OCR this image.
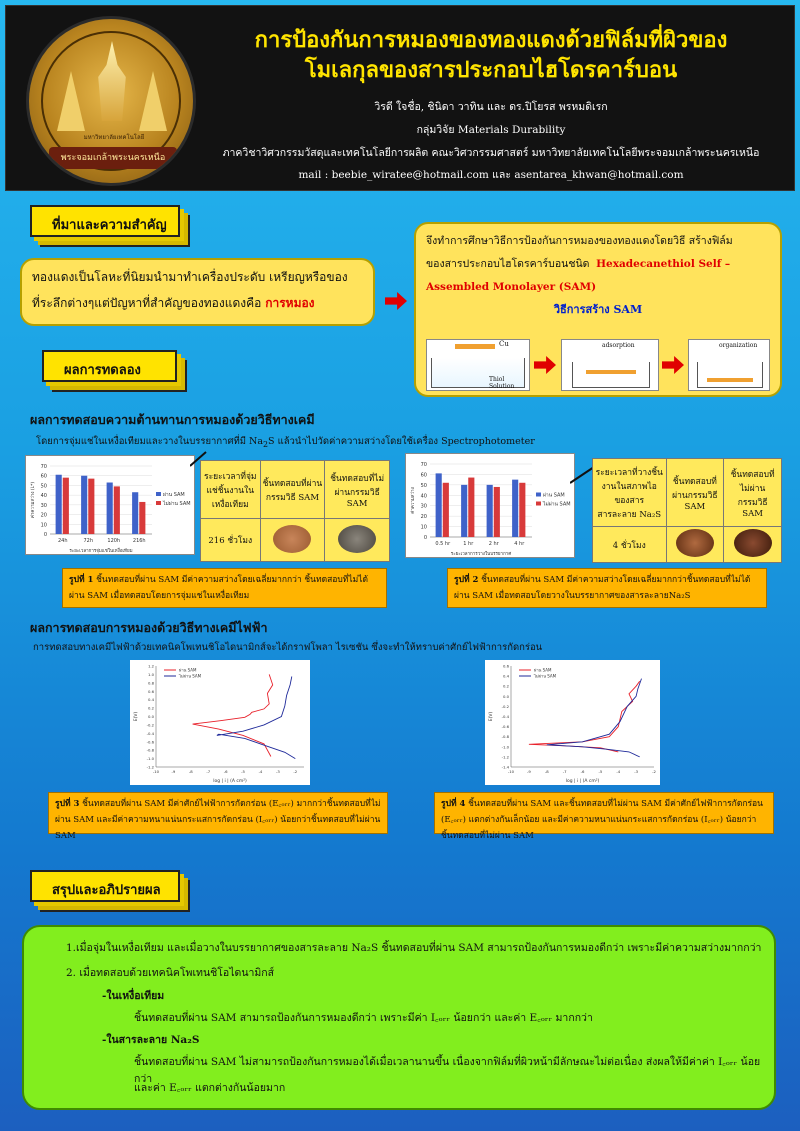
มหาวิทยาลัยเทคโนโลยี
พระจอมเกล้าพระนครเหนือ
การป้องกันการหมองของทองแดงด้วยฟิล์มที่ผิวของ
โมเลกุลของสารประกอบไฮโดรคาร์บอน
วิรดี ใจชื่อ, ชินิดา วาทิน และ ดร.ปิโยรส พรหมดิเรก
กลุ่มวิจัย Materials Durability
ภาควิชาวิศวกรรมวัสดุและเทคโนโลยีการผลิต คณะวิศวกรรมศาสตร์ มหาวิทยาลัยเทคโนโลยีพระจอมเกล้าพระนครเหนือ
mail : beebie_wiratee@hotmail.com และ asentarea_khwan@hotmail.com
ที่มาและความสำคัญ
ทองแดงเป็นโลหะที่นิยมนำมาทำเครื่องประดับ เหรียญหรือของ
ที่ระลึกต่างๆแต่ปัญหาที่สำคัญของทองแดงคือ การหมอง
จึงทำการศึกษาวิธีการป้องกันการหมองของทองแดงโดยวิธี สร้างฟิล์ม
ของสารประกอบไฮโดรคาร์บอนชนิด Hexadecanethiol Self –
Assembled Monolayer (SAM)
วิธีการสร้าง SAM
Cu
Thiol Solution
adsorption	organization
ผลการทดลอง
ผลการทดสอบความต้านทานการหมองด้วยวิธีทางเคมี
โดยการจุ่มแช่ในเหงื่อเทียมและวางในบรรยากาศที่มี $Na_2S$ แล้วนำไปวัดค่าความสว่างโดยใช้เครื่อง Spectrophotometer
0
10
20
30
40
50
60
70
24h	72h	120h	216h
ระยะเวลาการจุ่มแช่ในเหงื่อเทียม
ค่าความสว่าง (L*)	ผ่าน SAM
ไม่ผ่าน SAM
ระยะเวลาที่จุ่มแช่ชิ้นงานในเหงื่อเทียม	ชิ้นทดสอบที่ผ่านกรรมวิธี SAM	ชิ้นทดสอบที่ไม่ผ่านกรรมวิธี SAM
216 ชั่วโมง			0
10
20
30
40
50
60
70
0.5 hr	1 hr	2 hr	4 hr
ระยะเวลาการวางในบรรยากาศ
ค่าความสว่าง	ผ่าน SAM
ไม่ผ่าน SAM
ระยะเวลาที่วางชิ้นงานในสภาพไอของสารสารละลาย Na₂S	ชิ้นทดสอบที่ผ่านกรรมวิธี SAM	ชิ้นทดสอบที่ไม่ผ่านกรรมวิธี SAM
4 ชั่วโมง		
รูปที่ 1 ชิ้นทดสอบที่ผ่าน SAM มีค่าความสว่างโดยเฉลี่ยมากกว่า ชิ้นทดสอบที่ไม่ได้ผ่าน SAM เมื่อทดสอบโดยการจุ่มแช่ในเหงื่อเทียม
รูปที่ 2 ชิ้นทดสอบที่ผ่าน SAM มีค่าความสว่างโดยเฉลี่ยมากกว่าชิ้นทดสอบที่ไม่ได้ผ่าน SAM เมื่อทดสอบโดยวางในบรรยากาศของสารละลายNa₂S
ผลการทดสอบการหมองด้วยวิธีทางเคมีไฟฟ้า
การทดสอบทางเคมีไฟฟ้าด้วยเทคนิคโพเทนชิโอไดนามิกส์จะได้กราฟโพลา ไรเซชัน ซึ่งจะทำให้ทราบค่าศักย์ไฟฟ้าการกัดกร่อน
-10	-9	-8	-7	-6	-5	-4	-3	-2
1.2
1.0
0.8
0.6
0.4
0.2
0.0
-0.2
-0.4
-0.6
-0.8
-1.0
-1.2
log | i | (A cm²)
E(V)
ผ่าน SAM
ไม่ผ่าน SAM
-10	-9	-8	-7	-6	-5	-4	-3	-2
0.6
0.4
0.2
0.0
-0.2
-0.4
-0.6
-0.8
-1.0
-1.2
-1.4
log | i | (A cm²)
E(V)
ผ่าน SAM
ไม่ผ่าน SAM
รูปที่ 3 ชิ้นทดสอบที่ผ่าน SAM มีค่าศักย์ไฟฟ้าการกัดกร่อน (E꜀ₒᵣᵣ) มากกว่าชิ้นทดสอบที่ไม่ผ่าน SAM และมีค่าความหนาแน่นกระแสการกัดกร่อน (I꜀ₒᵣᵣ) น้อยกว่าชิ้นทดสอบที่ไม่ผ่าน SAM
รูปที่ 4 ชิ้นทดสอบที่ผ่าน SAM และชิ้นทดสอบที่ไม่ผ่าน SAM มีค่าศักย์ไฟฟ้าการกัดกร่อน (E꜀ₒᵣᵣ) แตกต่างกันเล็กน้อย และมีค่าความหนาแน่นกระแสการกัดกร่อน (I꜀ₒᵣᵣ) น้อยกว่าชิ้นทดสอบที่ไม่ผ่าน SAM
สรุปและอภิปรายผล
1.เมื่อจุ่มในเหงื่อเทียม และเมื่อวางในบรรยากาศของสารละลาย Na₂S ชิ้นทดสอบที่ผ่าน SAM สามารถป้องกันการหมองดีกว่า เพราะมีค่าความสว่างมากกว่า
2. เมื่อทดสอบด้วยเทคนิคโพเทนชิโอไดนามิกส์
-ในเหงื่อเทียม
ชิ้นทดสอบที่ผ่าน SAM สามารถป้องกันการหมองดีกว่า เพราะมีค่า I꜀ₒᵣᵣ น้อยกว่า และค่า E꜀ₒᵣᵣ มากกว่า
-ในสารละลาย Na₂S
ชิ้นทดสอบที่ผ่าน SAM ไม่สามารถป้องกันการหมองได้เมื่อเวลานานขึ้น เนื่องจากฟิล์มที่ผิวหน้ามีลักษณะไม่ต่อเนื่อง ส่งผลให้มีค่าค่า I꜀ₒᵣᵣ น้อยกว่า
และค่า E꜀ₒᵣᵣ แตกต่างกันน้อยมาก
